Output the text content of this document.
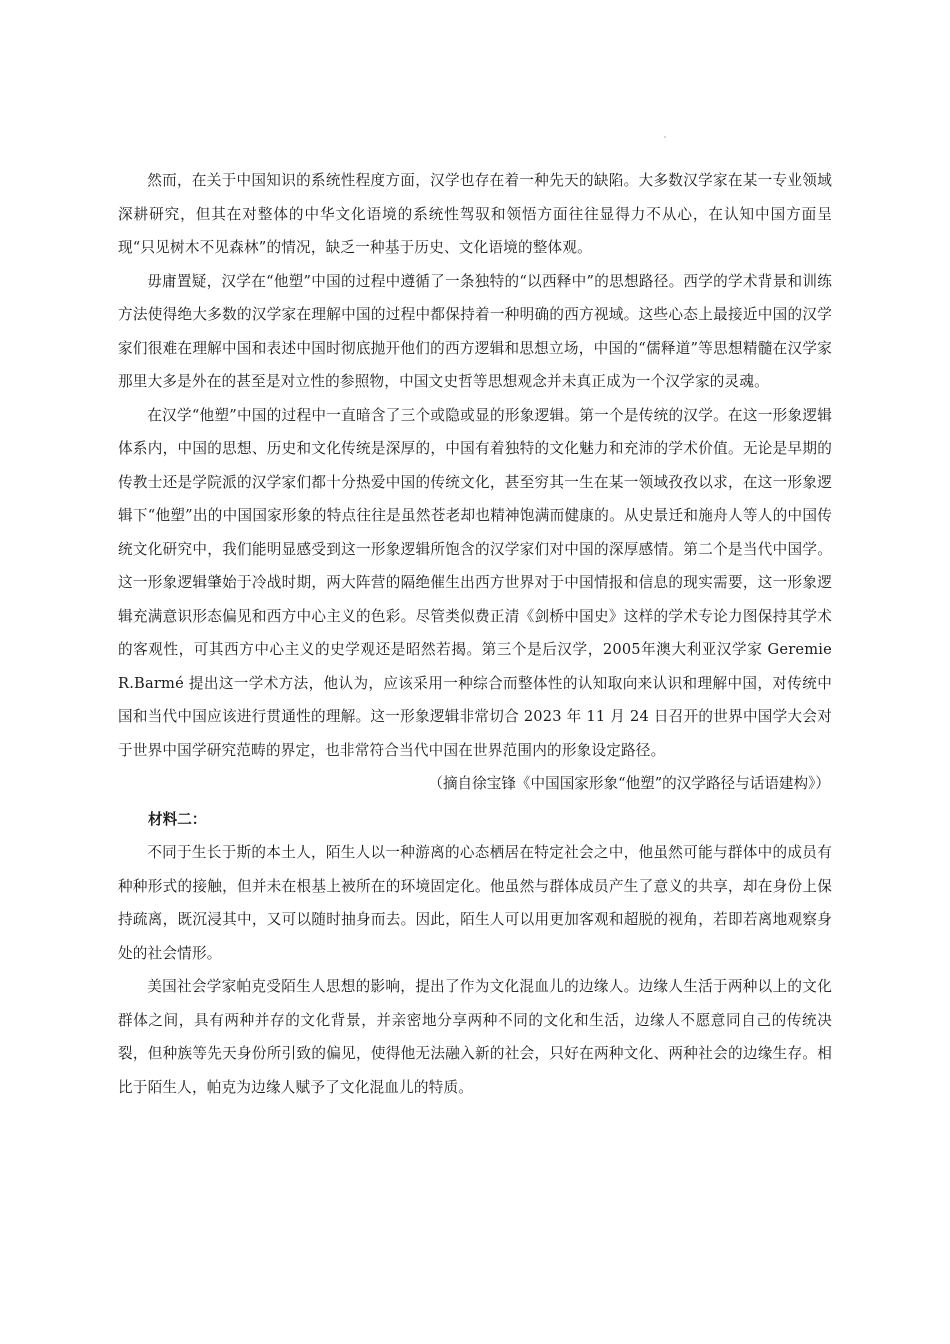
然而，在关于中国知识的系统性程度方面，汉学也存在着一种先天的缺陷。大多数汉学家在某一专业领域深耕研究，但其在对整体的中华文化语境的系统性驾驭和领悟方面往往显得力不从心，在认知中国方面呈现“只见树木不见森林”的情况，缺乏一种基于历史、文化语境的整体观。

毋庸置疑，汉学在“他塑”中国的过程中遵循了一条独特的“以西释中”的思想路径。西学的学术背景和训练方法使得绝大多数的汉学家在理解中国的过程中都保持着一种明确的西方视域。这些心态上最接近中国的汉学家们很难在理解中国和表述中国时彻底抛开他们的西方逻辑和思想立场，中国的“儒释道”等思想精髓在汉学家那里大多是外在的甚至是对立性的参照物，中国文史哲等思想观念并未真正成为一个汉学家的灵魂。

在汉学“他塑”中国的过程中一直暗含了三个或隐或显的形象逻辑。第一个是传统的汉学。在这一形象逻辑体系内，中国的思想、历史和文化传统是深厚的，中国有着独特的文化魅力和充沛的学术价值。无论是早期的传教士还是学院派的汉学家们都十分热爱中国的传统文化，甚至穷其一生在某一领域孜孜以求，在这一形象逻辑下“他塑”出的中国国家形象的特点往往是虽然苍老却也精神饱满而健康的。从史景迁和施舟人等人的中国传统文化研究中，我们能明显感受到这一形象逻辑所饱含的汉学家们对中国的深厚感情。第二个是当代中国学。这一形象逻辑肇始于冷战时期，两大阵营的隔绝催生出西方世界对于中国情报和信息的现实需要，这一形象逻辑充满意识形态偏见和西方中心主义的色彩。尽管类似费正清《剑桥中国史》这样的学术专论力图保持其学术的客观性，可其西方中心主义的史学观还是昭然若揭。第三个是后汉学，2005年澳大利亚汉学家 Geremie R.Barmé 提出这一学术方法，他认为，应该采用一种综合而整体性的认知取向来认识和理解中国，对传统中国和当代中国应该进行贯通性的理解。这一形象逻辑非常切合 2023 年 11 月 24 日召开的世界中国学大会对于世界中国学研究范畴的界定，也非常符合当代中国在世界范围内的形象设定路径。

（摘自徐宝锋《中国国家形象“他塑”的汉学路径与话语建构》）

材料二：

不同于生长于斯的本土人，陌生人以一种游离的心态栖居在特定社会之中，他虽然可能与群体中的成员有种种形式的接触，但并未在根基上被所在的环境固定化。他虽然与群体成员产生了意义的共享，却在身份上保持疏离，既沉浸其中，又可以随时抽身而去。因此，陌生人可以用更加客观和超脱的视角，若即若离地观察身处的社会情形。

美国社会学家帕克受陌生人思想的影响，提出了作为文化混血儿的边缘人。边缘人生活于两种以上的文化群体之间，具有两种并存的文化背景，并亲密地分享两种不同的文化和生活，边缘人不愿意同自己的传统决裂，但种族等先天身份所引致的偏见，使得他无法融入新的社会，只好在两种文化、两种社会的边缘生存。相比于陌生人，帕克为边缘人赋予了文化混血儿的特质。
